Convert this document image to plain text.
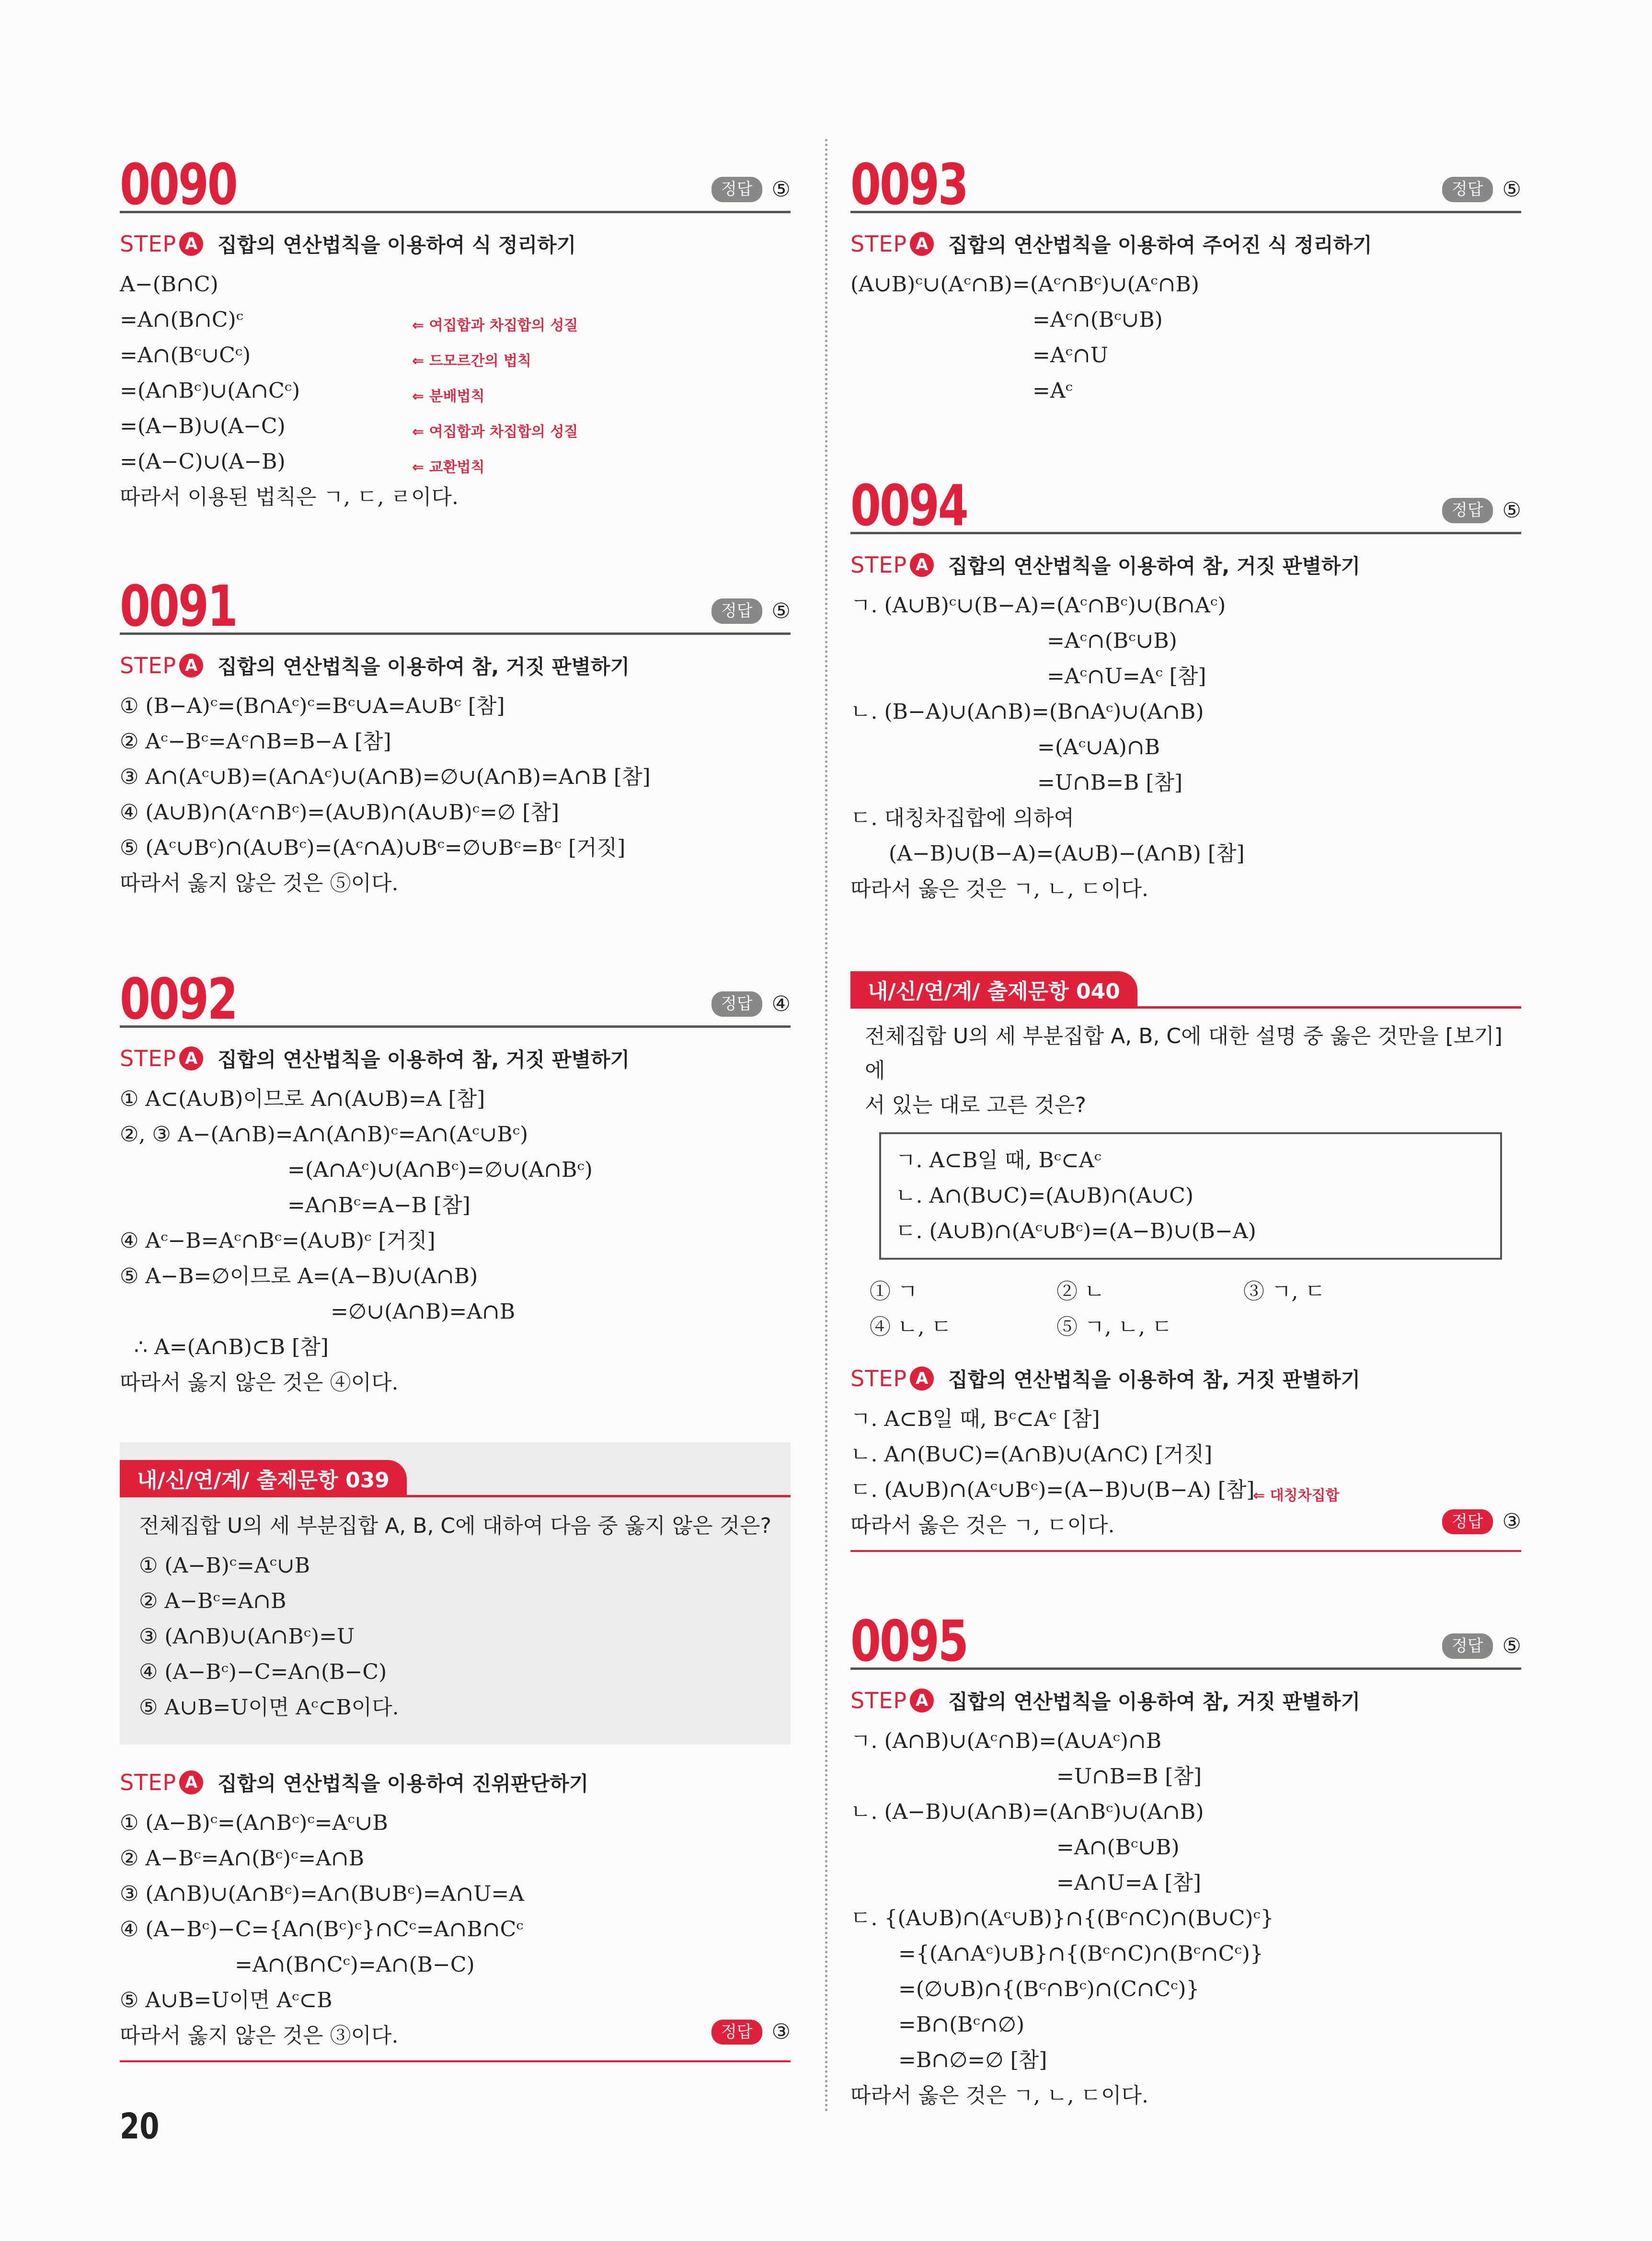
0090	정답 ⑤
STEP A 집합의 연산법칙을 이용하여 식 정리하기
A−(B∩C)
=A∩(B∩C)ᶜ	⇐ 여집합과 차집합의 성질
=A∩(Bᶜ∪Cᶜ)	⇐ 드모르간의 법칙
=(A∩Bᶜ)∪(A∩Cᶜ)	⇐ 분배법칙
=(A−B)∪(A−C)	⇐ 여집합과 차집합의 성질
=(A−C)∪(A−B)	⇐ 교환법칙
따라서 이용된 법칙은 ㄱ, ㄷ, ㄹ이다.
0091	정답 ⑤
STEP A 집합의 연산법칙을 이용하여 참, 거짓 판별하기
① (B−A)ᶜ=(B∩Aᶜ)ᶜ=Bᶜ∪A=A∪Bᶜ [참]
② Aᶜ−Bᶜ=Aᶜ∩B=B−A [참]
③ A∩(Aᶜ∪B)=(A∩Aᶜ)∪(A∩B)=∅∪(A∩B)=A∩B [참]
④ (A∪B)∩(Aᶜ∩Bᶜ)=(A∪B)∩(A∪B)ᶜ=∅ [참]
⑤ (Aᶜ∪Bᶜ)∩(A∪Bᶜ)=(Aᶜ∩A)∪Bᶜ=∅∪Bᶜ=Bᶜ [거짓]
따라서 옳지 않은 것은 ⑤이다.
0092	정답 ④
STEP A 집합의 연산법칙을 이용하여 참, 거짓 판별하기
① A⊂(A∪B)이므로 A∩(A∪B)=A [참]
②, ③ A−(A∩B)=A∩(A∩B)ᶜ=A∩(Aᶜ∪Bᶜ)
=(A∩Aᶜ)∪(A∩Bᶜ)=∅∪(A∩Bᶜ)
=A∩Bᶜ=A−B [참]
④ Aᶜ−B=Aᶜ∩Bᶜ=(A∪B)ᶜ [거짓]
⑤ A−B=∅이므로 A=(A−B)∪(A∩B)
=∅∪(A∩B)=A∩B
∴ A=(A∩B)⊂B [참]
따라서 옳지 않은 것은 ④이다.
내/신/연/계/ 출제문항 039
전체집합 U의 세 부분집합 A, B, C에 대하여 다음 중 옳지 않은 것은?
① (A−B)ᶜ=Aᶜ∪B
② A−Bᶜ=A∩B
③ (A∩B)∪(A∩Bᶜ)=U
④ (A−Bᶜ)−C=A∩(B−C)
⑤ A∪B=U이면 Aᶜ⊂B이다.
STEP A 집합의 연산법칙을 이용하여 진위판단하기
① (A−B)ᶜ=(A∩Bᶜ)ᶜ=Aᶜ∪B
② A−Bᶜ=A∩(Bᶜ)ᶜ=A∩B
③ (A∩B)∪(A∩Bᶜ)=A∩(B∪Bᶜ)=A∩U=A
④ (A−Bᶜ)−C={A∩(Bᶜ)ᶜ}∩Cᶜ=A∩B∩Cᶜ
=A∩(B∩Cᶜ)=A∩(B−C)
⑤ A∪B=U이면 Aᶜ⊂B
따라서 옳지 않은 것은 ③이다.	정답 ③
0093	정답 ⑤
STEP A 집합의 연산법칙을 이용하여 주어진 식 정리하기
(A∪B)ᶜ∪(Aᶜ∩B)=(Aᶜ∩Bᶜ)∪(Aᶜ∩B)
=Aᶜ∩(Bᶜ∪B)
=Aᶜ∩U
=Aᶜ
0094	정답 ⑤
STEP A 집합의 연산법칙을 이용하여 참, 거짓 판별하기
ㄱ. (A∪B)ᶜ∪(B−A)=(Aᶜ∩Bᶜ)∪(B∩Aᶜ)
=Aᶜ∩(Bᶜ∪B)
=Aᶜ∩U=Aᶜ [참]
ㄴ. (B−A)∪(A∩B)=(B∩Aᶜ)∪(A∩B)
=(Aᶜ∪A)∩B
=U∩B=B [참]
ㄷ. 대칭차집합에 의하여
(A−B)∪(B−A)=(A∪B)−(A∩B) [참]
따라서 옳은 것은 ㄱ, ㄴ, ㄷ이다.
내/신/연/계/ 출제문항 040
전체집합 U의 세 부분집합 A, B, C에 대한 설명 중 옳은 것만을 [보기]에
서 있는 대로 고른 것은?
ㄱ. A⊂B일 때, Bᶜ⊂Aᶜ
ㄴ. A∩(B∪C)=(A∪B)∩(A∪C)
ㄷ. (A∪B)∩(Aᶜ∪Bᶜ)=(A−B)∪(B−A)
① ㄱ	② ㄴ	③ ㄱ, ㄷ
④ ㄴ, ㄷ	⑤ ㄱ, ㄴ, ㄷ
STEP A 집합의 연산법칙을 이용하여 참, 거짓 판별하기
ㄱ. A⊂B일 때, Bᶜ⊂Aᶜ [참]
ㄴ. A∩(B∪C)=(A∩B)∪(A∩C) [거짓]
ㄷ. (A∪B)∩(Aᶜ∪Bᶜ)=(A−B)∪(B−A) [참]	⇐ 대칭차집합
따라서 옳은 것은 ㄱ, ㄷ이다.	정답 ③
0095	정답 ⑤
STEP A 집합의 연산법칙을 이용하여 참, 거짓 판별하기
ㄱ. (A∩B)∪(Aᶜ∩B)=(A∪Aᶜ)∩B
=U∩B=B [참]
ㄴ. (A−B)∪(A∩B)=(A∩Bᶜ)∪(A∩B)
=A∩(Bᶜ∪B)
=A∩U=A [참]
ㄷ. {(A∪B)∩(Aᶜ∪B)}∩{(Bᶜ∩C)∩(B∪C)ᶜ}
={(A∩Aᶜ)∪B}∩{(Bᶜ∩C)∩(Bᶜ∩Cᶜ)}
=(∅∪B)∩{(Bᶜ∩Bᶜ)∩(C∩Cᶜ)}
=B∩(Bᶜ∩∅)
=B∩∅=∅ [참]
따라서 옳은 것은 ㄱ, ㄴ, ㄷ이다.
20
